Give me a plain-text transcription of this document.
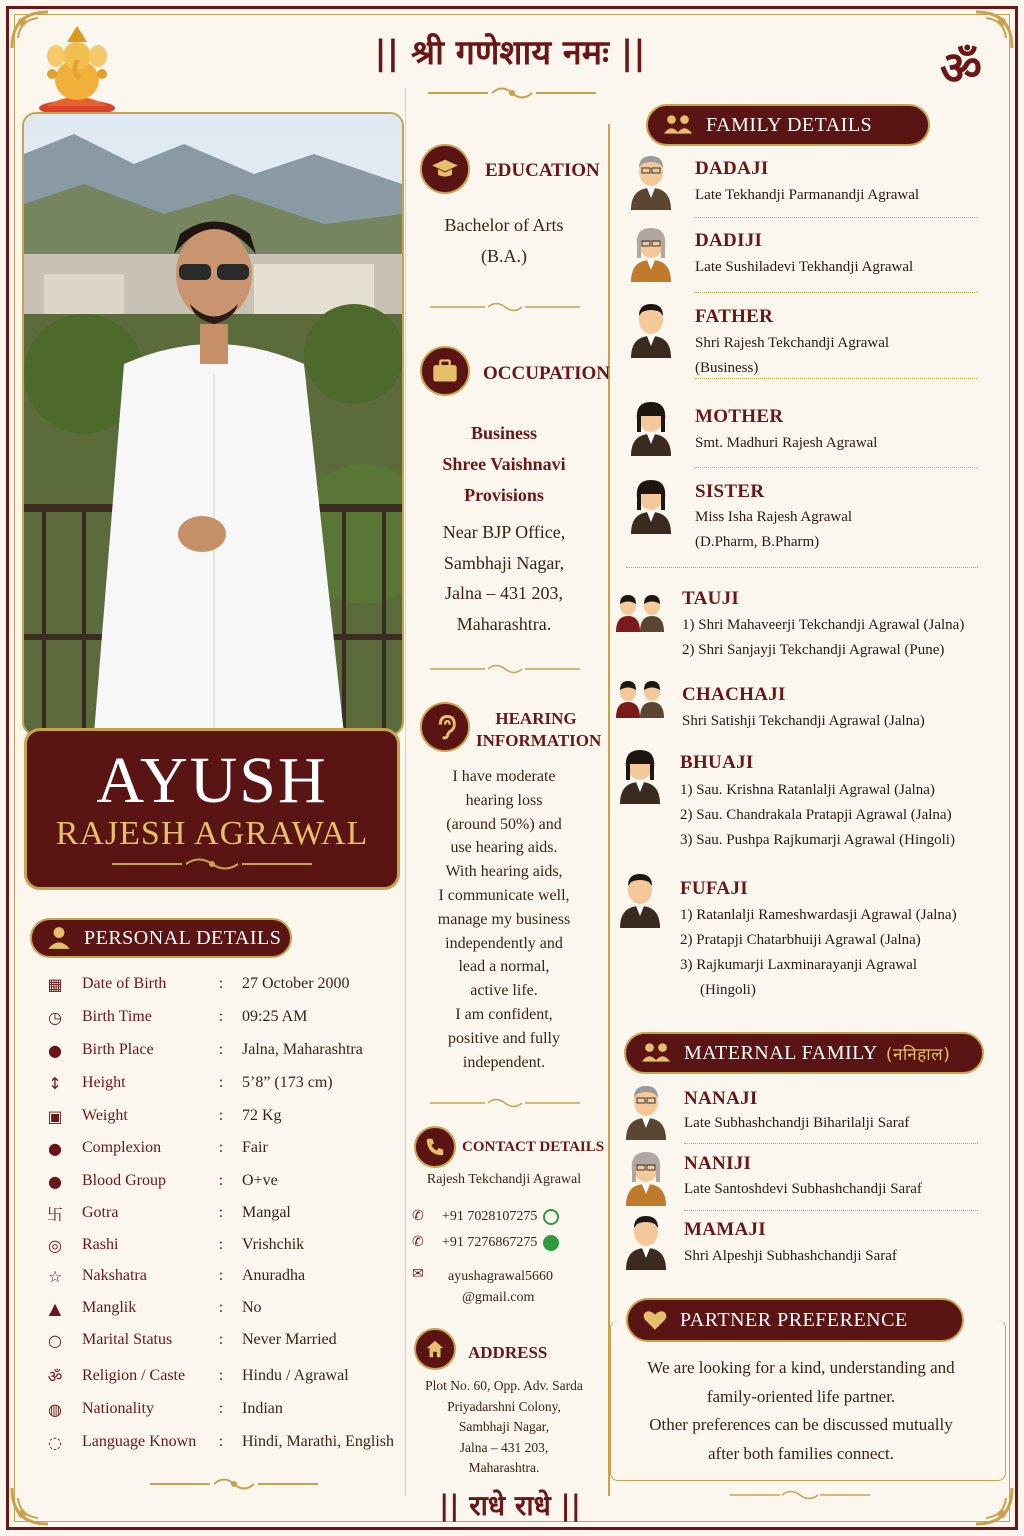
|| श्री गणेशाय नमः ||	ॐ
AYUSH
RAJESH AGRAWAL
PERSONAL DETAILS
▦ Date of Birth	:	27 October 2000
◷ Birth Time	:	09:25 AM
● Birth Place	:	Jalna, Maharashtra
↕ Height	:	5’8” (173 cm)
▣ Weight	:	72 Kg
● Complexion	:	Fair
● Blood Group	:	O+ve
卐 Gotra	:	Mangal
◎ Rashi	:	Vrishchik
☆ Nakshatra	:	Anuradha
▲	Manglik	:	No
○ Marital Status	:	Never Married
ॐ Religion / Caste	:	Hindu / Agrawal
◍ Nationality	:	Indian
◌ Language Known	:	Hindi, Marathi, English
EDUCATION
Bachelor of Arts
(B.A.)
OCCUPATION
Business
Shree Vaishnavi
Provisions
Near BJP Office,
Sambhaji Nagar,
Jalna – 431 203,
Maharashtra.
HEARING
INFORMATION
I have moderate
hearing loss
(around 50%) and
use hearing aids.
With hearing aids,
I communicate well,
manage my business
independently and
lead a normal,
active life.
I am confident,
positive and fully
independent.
CONTACT DETAILS
Rajesh Tekchandji Agrawal
✆	+91 7028107275
✆	+91 7276867275
✉ ayushagrawal5660
@gmail.com
ADDRESS
Plot No. 60, Opp. Adv. Sarda
Priyadarshni Colony,
Sambhaji Nagar,
Jalna – 431 203,
Maharashtra.
|| राधे राधे ||
FAMILY DETAILS
DADAJI
Late Tekhandji Parmanandji Agrawal
DADIJI
Late Sushiladevi Tekhandji Agrawal
FATHER
Shri Rajesh Tekchandji Agrawal
(Business)
MOTHER
Smt. Madhuri Rajesh Agrawal
SISTER
Miss Isha Rajesh Agrawal
(D.Pharm, B.Pharm)
TAUJI
1) Shri Mahaveerji Tekchandji Agrawal (Jalna)
2) Shri Sanjayji Tekchandji Agrawal (Pune)
CHACHAJI
Shri Satishji Tekchandji Agrawal (Jalna)
BHUAJI
1) Sau. Krishna Ratanlalji Agrawal (Jalna)
2) Sau. Chandrakala Pratapji Agrawal (Jalna)
3) Sau. Pushpa Rajkumarji Agrawal (Hingoli)
FUFAJI
1) Ratanlalji Rameshwardasji Agrawal (Jalna)
2) Pratapji Chatarbhuiji Agrawal (Jalna)
3) Rajkumarji Laxminarayanji Agrawal
(Hingoli)
MATERNAL FAMILY (ननिहाल)
NANAJI
Late Subhashchandji Biharilalji Saraf
NANIJI
Late Santoshdevi Subhashchandji Saraf
MAMAJI
Shri Alpeshji Subhashchandji Saraf
PARTNER PREFERENCE
We are looking for a kind, understanding and
family-oriented life partner.
Other preferences can be discussed mutually
after both families connect.
